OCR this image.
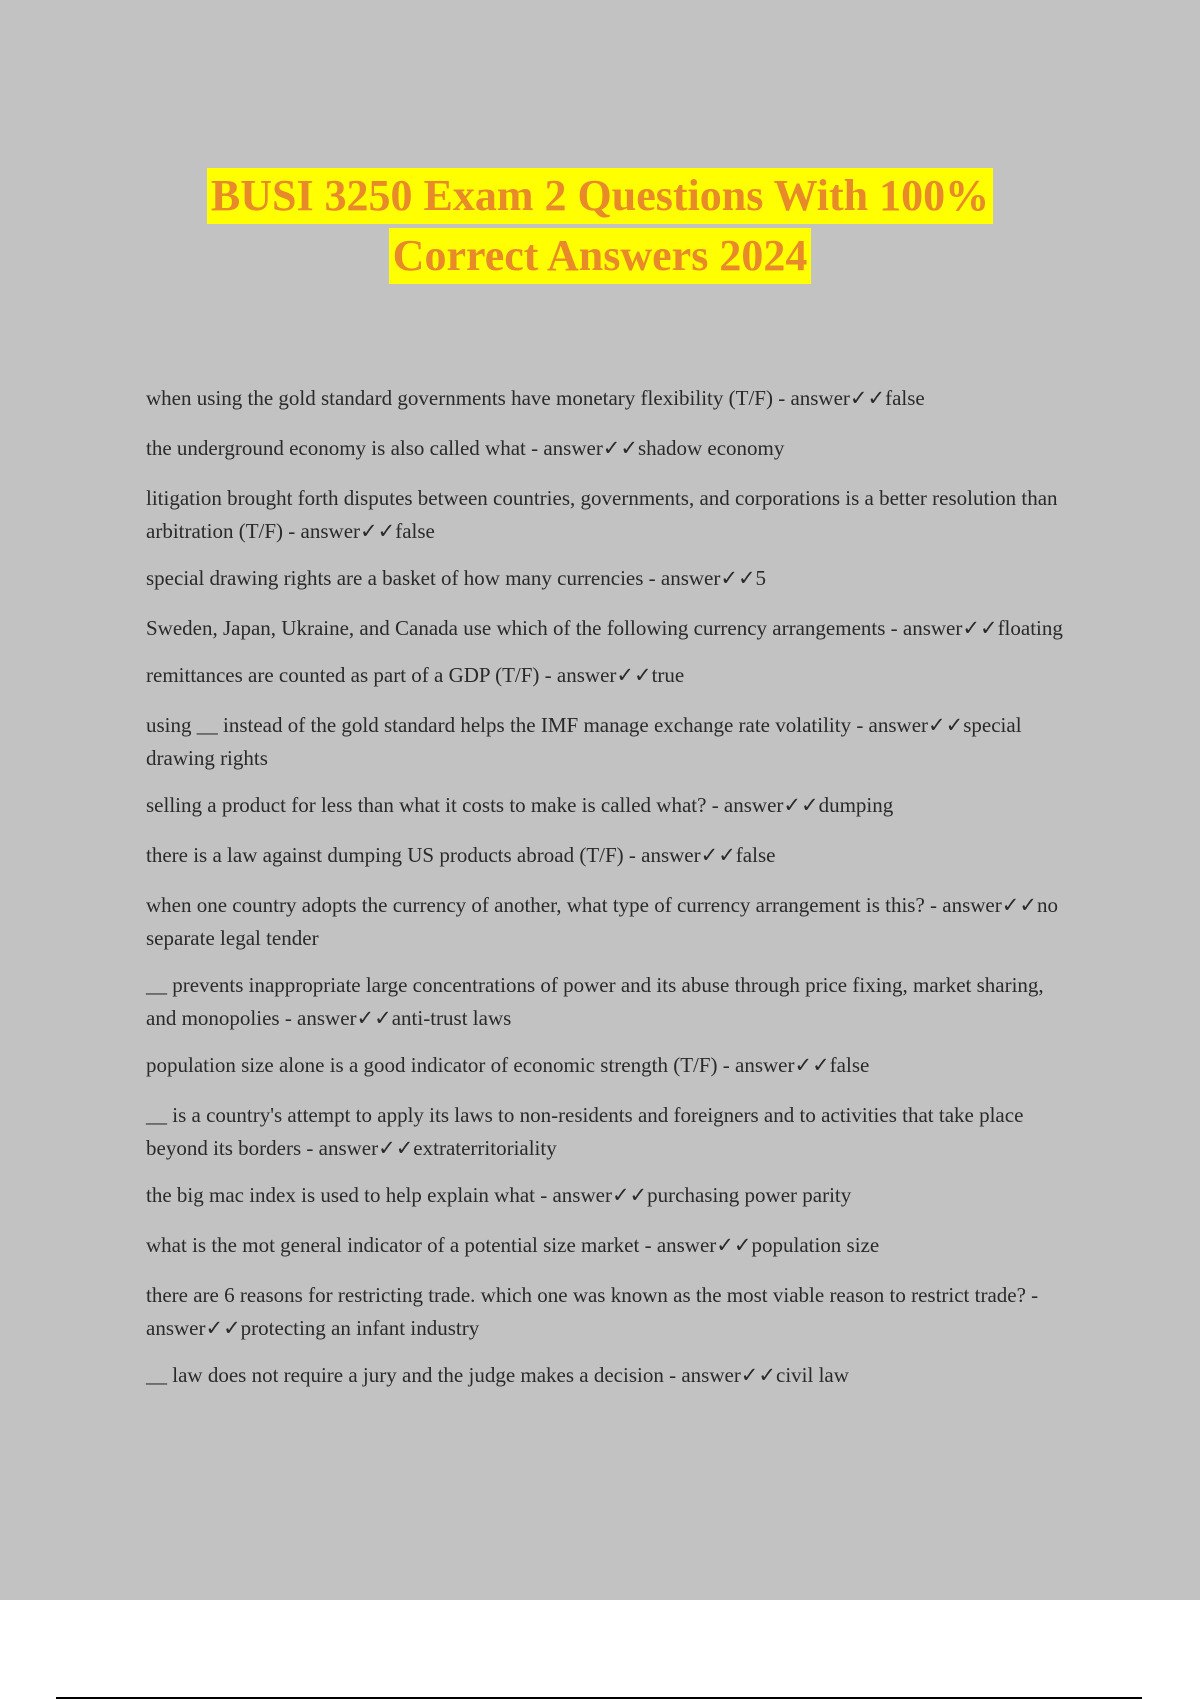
BUSI 3250 Exam 2 Questions With 100%
Correct Answers 2024
when using the gold standard governments have monetary flexibility (T/F) - answer✓✓false
the underground economy is also called what - answer✓✓shadow economy
litigation brought forth disputes between countries, governments, and corporations is a better resolution than arbitration (T/F) - answer✓✓false
special drawing rights are a basket of how many currencies - answer✓✓5
Sweden, Japan, Ukraine, and Canada use which of the following currency arrangements - answer✓✓floating
remittances are counted as part of a GDP (T/F) - answer✓✓true
using __ instead of the gold standard helps the IMF manage exchange rate volatility - answer✓✓special drawing rights
selling a product for less than what it costs to make is called what? - answer✓✓dumping
there is a law against dumping US products abroad (T/F) - answer✓✓false
when one country adopts the currency of another, what type of currency arrangement is this? - answer✓✓no separate legal tender
__ prevents inappropriate large concentrations of power and its abuse through price fixing, market sharing, and monopolies - answer✓✓anti-trust laws
population size alone is a good indicator of economic strength (T/F) - answer✓✓false
__ is a country's attempt to apply its laws to non-residents and foreigners and to activities that take place beyond its borders - answer✓✓extraterritoriality
the big mac index is used to help explain what - answer✓✓purchasing power parity
what is the mot general indicator of a potential size market - answer✓✓population size
there are 6 reasons for restricting trade. which one was known as the most viable reason to restrict trade? - answer✓✓protecting an infant industry
__ law does not require a jury and the judge makes a decision - answer✓✓civil law
